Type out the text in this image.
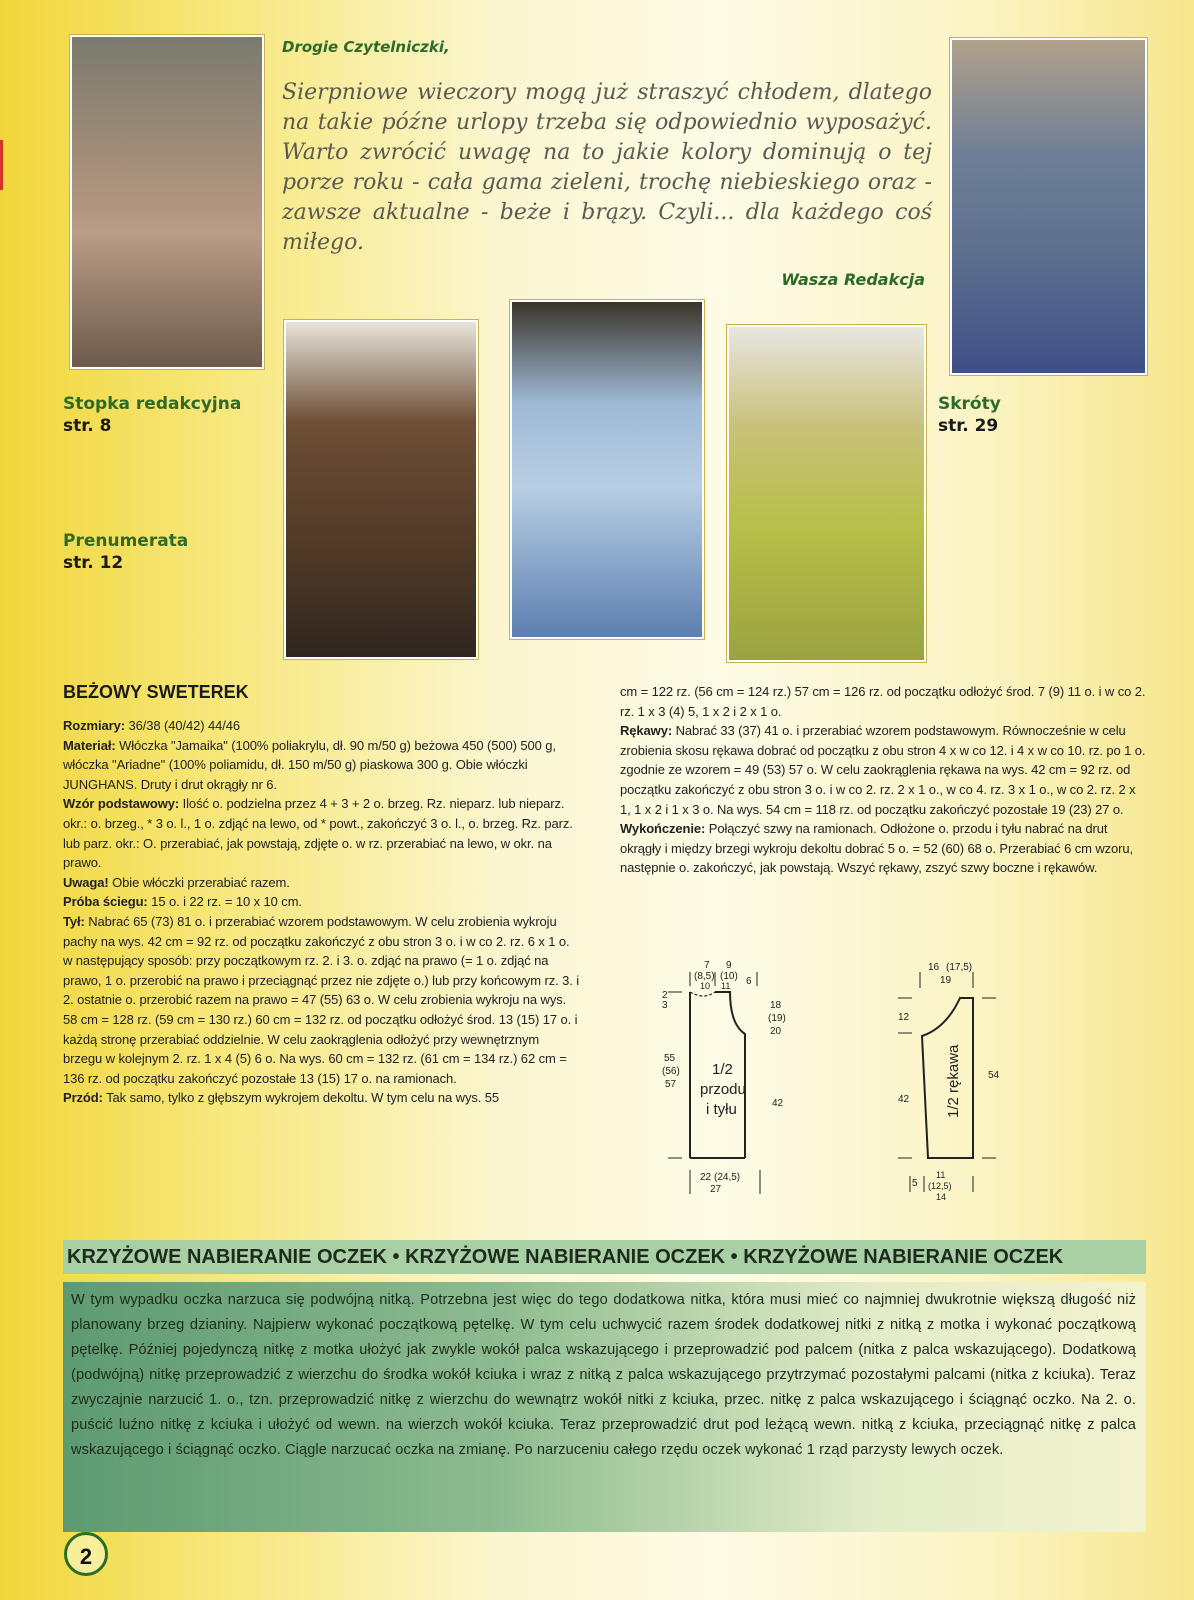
Drogie Czytelniczki,
Sierpniowe wieczory mogą już straszyć chłodem, dlatego na takie późne urlopy trzeba się odpowiednio wyposażyć. Warto zwrócić uwagę na to jakie kolory dominują o tej porze roku - cała gama zieleni, trochę niebieskiego oraz - zawsze aktualne - beże i brązy. Czyli... dla każdego coś miłego.
Wasza Redakcja
Stopka redakcyjna
str. 8
Skróty
str. 29
Prenumerata
str. 12
BEŻOWY SWETEREK

Rozmiary: 36/38 (40/42) 44/46

Materiał: Włóczka "Jamaika" (100% poliakrylu, dł. 90 m/50 g) beżowa 450 (500) 500 g, włóczka "Ariadne" (100% poliamidu, dł. 150 m/50 g) piaskowa 300 g. Obie włóczki JUNGHANS. Druty i drut okrągły nr 6.

Wzór podstawowy: Ilość o. podzielna przez 4 + 3 + 2 o. brzeg. Rz. nieparz. lub nieparz. okr.: o. brzeg., * 3 o. l., 1 o. zdjąć na lewo, od * powt., zakończyć 3 o. l., o. brzeg. Rz. parz. lub parz. okr.: O. przerabiać, jak powstają, zdjęte o. w rz. przerabiać na lewo, w okr. na prawo.

Uwaga! Obie włóczki przerabiać razem.

Próba ściegu: 15 o. i 22 rz. = 10 x 10 cm.

Tył: Nabrać 65 (73) 81 o. i przerabiać wzorem podstawowym. W celu zrobienia wykroju pachy na wys. 42 cm = 92 rz. od początku zakończyć z obu stron 3 o. i w co 2. rz. 6 x 1 o. w następujący sposób: przy początkowym rz. 2. i 3. o. zdjąć na prawo (= 1 o. zdjąć na prawo, 1 o. przerobić na prawo i przeciągnąć przez nie zdjęte o.) lub przy końcowym rz. 3. i 2. ostatnie o. przerobić razem na prawo = 47 (55) 63 o. W celu zrobienia wykroju na wys. 58 cm = 128 rz. (59 cm = 130 rz.) 60 cm = 132 rz. od początku odłożyć środ. 13 (15) 17 o. i każdą stronę przerabiać oddzielnie. W celu zaokrąglenia odłożyć przy wewnętrznym brzegu w kolejnym 2. rz. 1 x 4 (5) 6 o. Na wys. 60 cm = 132 rz. (61 cm = 134 rz.) 62 cm = 136 rz. od początku zakończyć pozostałe 13 (15) 17 o. na ramionach.

Przód: Tak samo, tylko z głębszym wykrojem dekoltu. W tym celu na wys. 55

cm = 122 rz. (56 cm = 124 rz.) 57 cm = 126 rz. od początku odłożyć środ. 7 (9) 11 o. i w co 2. rz. 1 x 3 (4) 5, 1 x 2 i 2 x 1 o.

Rękawy: Nabrać 33 (37) 41 o. i przerabiać wzorem podstawowym. Równocześnie w celu zrobienia skosu rękawa dobrać od początku z obu stron 4 x w co 12. i 4 x w co 10. rz. po 1 o. zgodnie ze wzorem = 49 (53) 57 o. W celu zaokrąglenia rękawa na wys. 42 cm = 92 rz. od początku zakończyć z obu stron 3 o. i w co 2. rz. 2 x 1 o., w co 4. rz. 3 x 1 o., w co 2. rz. 2 x 1, 1 x 2 i 1 x 3 o. Na wys. 54 cm = 118 rz. od początku zakończyć pozostałe 19 (23) 27 o.

Wykończenie: Połączyć szwy na ramionach. Odłożone o. przodu i tyłu nabrać na drut okrągły i między brzegi wykroju dekoltu dobrać 5 o. = 52 (60) 68 o. Przerabiać 6 cm wzoru, następnie o. zakończyć, jak powstają. Wszyć rękawy, zszyć szwy boczne i rękawów.

7 9
(8,5) (10)
10 11 6
2
3	18
(19)
20
55
(56)
57
42
1/2
przodu
i tyłu
22 (24,5)
27
16 (17,5)
19
12
42
54
1/2 rękawa
5
11
(12,5)
14
KRZYŻOWE NABIERANIE OCZEK • KRZYŻOWE NABIERANIE OCZEK • KRZYŻOWE NABIERANIE OCZEK
W tym wypadku oczka narzuca się podwójną nitką. Potrzebna jest więc do tego dodatkowa nitka, która musi mieć co najmniej dwukrotnie większą długość niż planowany brzeg dzianiny. Najpierw wykonać początkową pętelkę. W tym celu uchwycić razem środek dodatkowej nitki z nitką z motka i wykonać początkową pętelkę. Później pojedynczą nitkę z motka ułożyć jak zwykle wokół palca wskazującego i przeprowadzić pod palcem (nitka z palca wskazującego). Dodatkową (podwójną) nitkę przeprowadzić z wierzchu do środka wokół kciuka i wraz z nitką z palca wskazującego przytrzymać pozostałymi palcami (nitka z kciuka). Teraz zwyczajnie narzucić 1. o., tzn. przeprowadzić nitkę z wierzchu do wewnątrz wokół nitki z kciuka, przec. nitkę z palca wskazującego i ściągnąć oczko. Na 2. o. puścić luźno nitkę z kciuka i ułożyć od wewn. na wierzch wokół kciuka. Teraz przeprowadzić drut pod leżącą wewn. nitką z kciuka, przeciągnąć nitkę z palca wskazującego i ściągnąć oczko. Ciągle narzucać oczka na zmianę. Po narzuceniu całego rzędu oczek wykonać 1 rząd parzysty lewych oczek.
2
